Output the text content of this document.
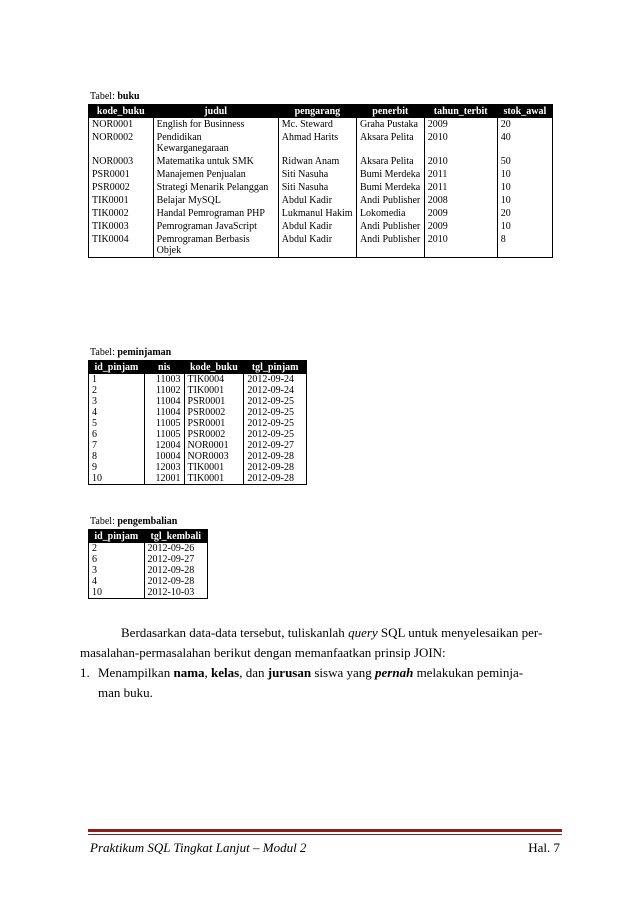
Tabel: buku
kode_buku	judul	pengarang	penerbit	tahun_terbit	stok_awal
NOR0001	English for Businness	Mc. Steward	Graha Pustaka	2009	20
NOR0002	Pendidikan Kewarganegaraan	Ahmad Harits	Aksara Pelita	2010	40
NOR0003	Matematika untuk SMK	Ridwan Anam	Aksara Pelita	2010	50
PSR0001	Manajemen Penjualan	Siti Nasuha	Bumi Merdeka	2011	10
PSR0002	Strategi Menarik Pelanggan	Siti Nasuha	Bumi Merdeka	2011	10
TIK0001	Belajar MySQL	Abdul Kadir	Andi Publisher	2008	10
TIK0002	Handal Pemrograman PHP	Lukmanul Hakim	Lokomedia	2009	20
TIK0003	Pemrograman JavaScript	Abdul Kadir	Andi Publisher	2009	10
TIK0004	Pemrograman Berbasis Objek	Abdul Kadir	Andi Publisher	2010	8
Tabel: peminjaman
id_pinjam	nis	kode_buku	tgl_pinjam
1	11003	TIK0004	2012-09-24
2	11002	TIK0001	2012-09-24
3	11004	PSR0001	2012-09-25
4	11004	PSR0002	2012-09-25
5	11005	PSR0001	2012-09-25
6	11005	PSR0002	2012-09-25
7	12004	NOR0001	2012-09-27
8	10004	NOR0003	2012-09-28
9	12003	TIK0001	2012-09-28
10	12001	TIK0001	2012-09-28
Tabel: pengembalian
id_pinjam	tgl_kembali
2	2012-09-26
6	2012-09-27
3	2012-09-28
4	2012-09-28
10	2012-10-03
Berdasarkan data-data tersebut, tuliskanlah query SQL untuk menyelesaikan per-
masalahan-permasalahan berikut dengan memanfaatkan prinsip JOIN:
1. Menampilkan nama, kelas, dan jurusan siswa yang pernah melakukan peminja-
man buku.
Praktikum SQL Tingkat Lanjut – Modul 2	Hal. 7
